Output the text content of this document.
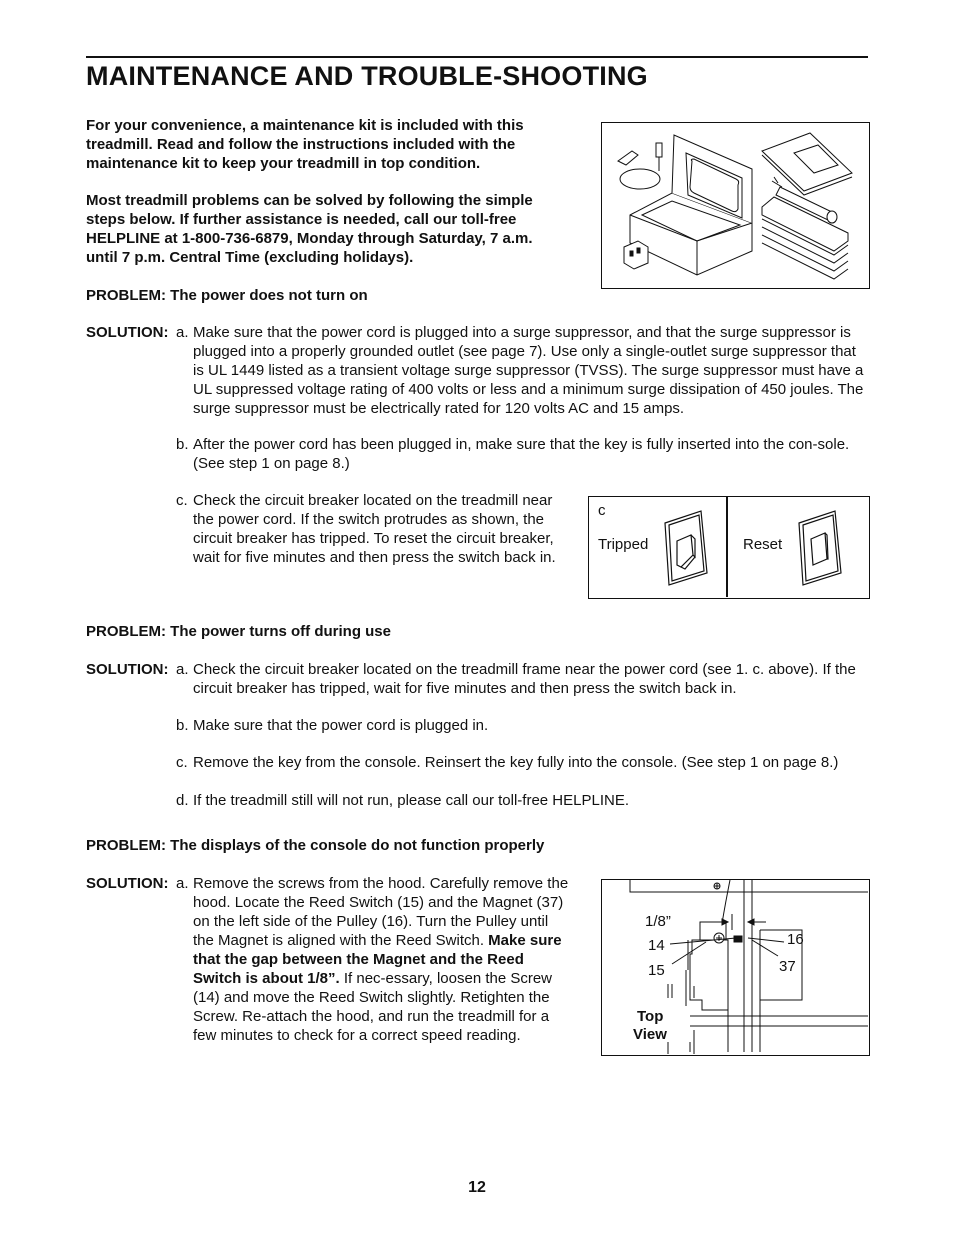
MAINTENANCE AND TROUBLE-SHOOTING

For your convenience, a maintenance kit is included with this treadmill. Read and follow the instructions included with the maintenance kit to keep your treadmill in top condition.

Most treadmill problems can be solved by following the simple steps below. If further assistance is needed, call our toll-free HELPLINE at 1-800-736-6879, Monday through Saturday, 7 a.m. until 7 p.m. Central Time (excluding holidays).

PROBLEM: The power does not turn on

SOLUTION: a. Make sure that the power cord is plugged into a surge suppressor, and that the surge suppressor is plugged into a properly grounded outlet (see page 7). Use only a single-outlet surge suppressor that is UL 1449 listed as a transient voltage surge suppressor (TVSS). The surge suppressor must have a UL suppressed voltage rating of 400 volts or less and a minimum surge dissipation of 450 joules. The surge suppressor must be electrically rated for 120 volts AC and 15 amps.
b. After the power cord has been plugged in, make sure that the key is fully inserted into the con-sole. (See step 1 on page 8.)
c. Check the circuit breaker located on the treadmill near the power cord. If the switch protrudes as shown, the circuit breaker has tripped. To reset the circuit breaker, wait for five minutes and then press the switch back in.
c
Tripped	Reset

PROBLEM: The power turns off during use

SOLUTION: a. Check the circuit breaker located on the treadmill frame near the power cord (see 1. c. above). If the circuit breaker has tripped, wait for five minutes and then press the switch back in.
b. Make sure that the power cord is plugged in.
c. Remove the key from the console. Reinsert the key fully into the console. (See step 1 on page 8.)
d. If the treadmill still will not run, please call our toll-free HELPLINE.

PROBLEM: The displays of the console do not function properly

SOLUTION: a. Remove the screws from the hood. Carefully remove the hood. Locate the Reed Switch (15) and the Magnet (37) on the left side of the Pulley (16). Turn the Pulley until the Magnet is aligned with the Reed Switch. Make sure that the gap between the Magnet and the Reed Switch is about 1/8”. If nec-essary, loosen the Screw (14) and move the Reed Switch slightly. Retighten the Screw. Re-attach the hood, and run the treadmill for a few minutes to check for a correct speed reading.
1/8”
14
15
16
37
Top
View
12
